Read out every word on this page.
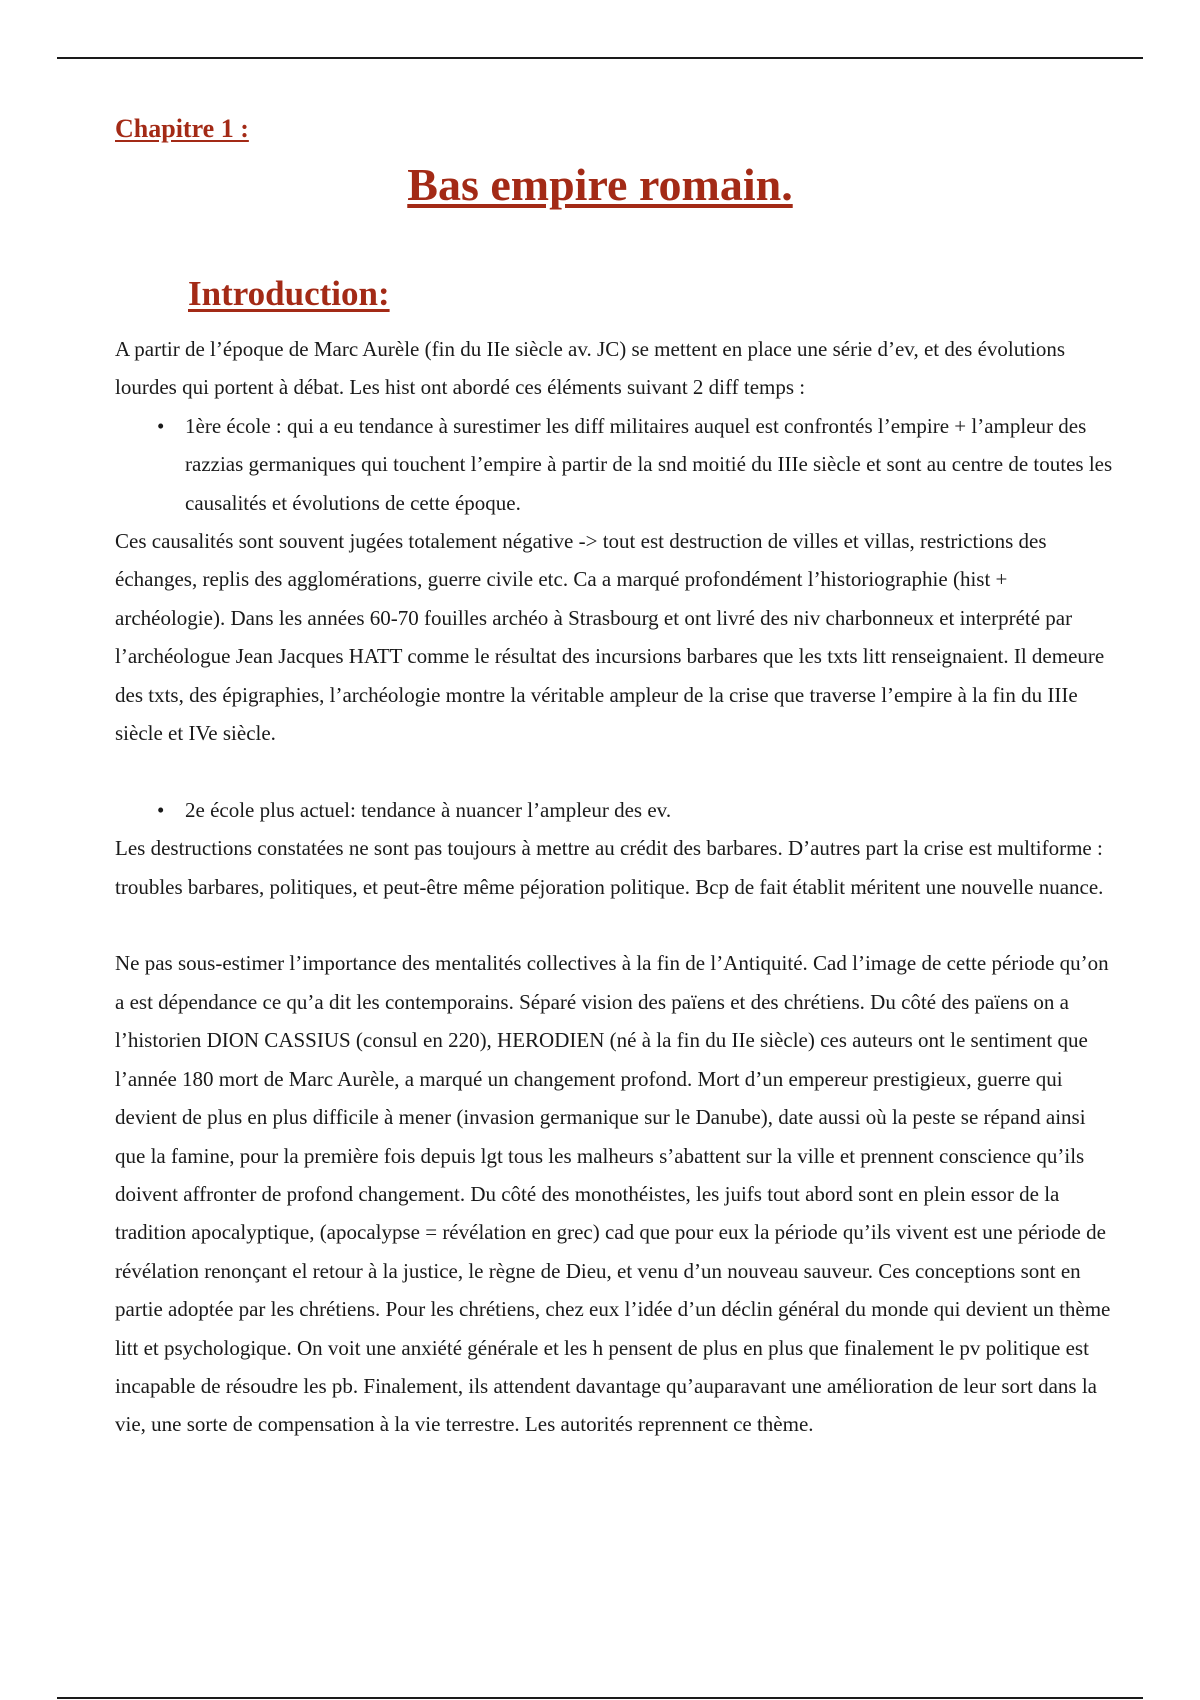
Chapitre 1 :
Bas empire romain.
Introduction:

A partir de l’époque de Marc Aurèle (fin du IIe siècle av. JC) se mettent en place une série d’ev, et des évolutions lourdes qui portent à débat. Les hist ont abordé ces éléments suivant 2 diff temps :

• 1ère école : qui a eu tendance à surestimer les diff militaires auquel est confrontés l’empire + l’ampleur des razzias germaniques qui touchent l’empire à partir de la snd moitié du IIIe siècle et sont au centre de toutes les causalités et évolutions de cette époque.

Ces causalités sont souvent jugées totalement négative -> tout est destruction de villes et villas, restrictions des échanges, replis des agglomérations, guerre civile etc. Ca a marqué profondément l’historiographie (hist + archéologie). Dans les années 60-70 fouilles archéo à Strasbourg et ont livré des niv charbonneux et interprété par l’archéologue Jean Jacques HATT comme le résultat des incursions barbares que les txts litt renseignaient. Il demeure des txts, des épigraphies, l’archéologie montre la véritable ampleur de la crise que traverse l’empire à la fin du IIIe siècle et IVe siècle.

• 2e école plus actuel: tendance à nuancer l’ampleur des ev.

Les destructions constatées ne sont pas toujours à mettre au crédit des barbares. D’autres part la crise est multiforme : troubles barbares, politiques, et peut-être même péjoration politique. Bcp de fait établit méritent une nouvelle nuance.

Ne pas sous-estimer l’importance des mentalités collectives à la fin de l’Antiquité. Cad l’image de cette période qu’on a est dépendance ce qu’a dit les contemporains. Séparé vision des païens et des chrétiens. Du côté des païens on a l’historien DION CASSIUS (consul en 220), HERODIEN (né à la fin du IIe siècle) ces auteurs ont le sentiment que l’année 180 mort de Marc Aurèle, a marqué un changement profond. Mort d’un empereur prestigieux, guerre qui devient de plus en plus difficile à mener (invasion germanique sur le Danube), date aussi où la peste se répand ainsi que la famine, pour la première fois depuis lgt tous les malheurs s’abattent sur la ville et prennent conscience qu’ils doivent affronter de profond changement. Du côté des monothéistes, les juifs tout abord sont en plein essor de la tradition apocalyptique, (apocalypse = révélation en grec) cad que pour eux la période qu’ils vivent est une période de révélation renonçant el retour à la justice, le règne de Dieu, et venu d’un nouveau sauveur. Ces conceptions sont en partie adoptée par les chrétiens. Pour les chrétiens, chez eux l’idée d’un déclin général du monde qui devient un thème litt et psychologique. On voit une anxiété générale et les h pensent de plus en plus que finalement le pv politique est incapable de résoudre les pb. Finalement, ils attendent davantage qu’auparavant une amélioration de leur sort dans la vie, une sorte de compensation à la vie terrestre. Les autorités reprennent ce thème.
